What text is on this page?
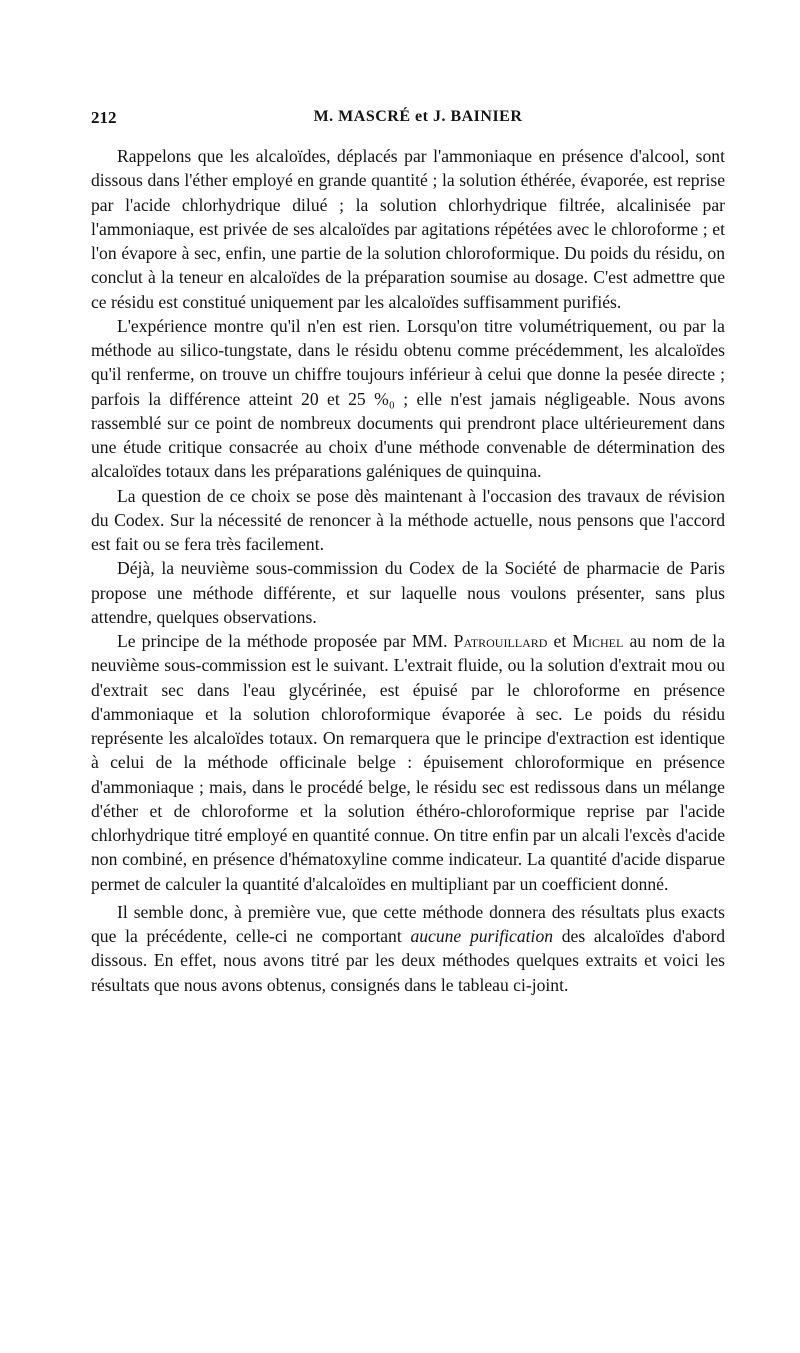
212	M. MASCRÉ et J. BAINIER

Rappelons que les alcaloïdes, déplacés par l'ammoniaque en présence d'alcool, sont dissous dans l'éther employé en grande quantité ; la solution éthérée, évaporée, est reprise par l'acide chlorhydrique dilué ; la solution chlorhydrique filtrée, alcalinisée par l'ammoniaque, est privée de ses alcaloïdes par agitations répétées avec le chloroforme ; et l'on évapore à sec, enfin, une partie de la solution chloroformique. Du poids du résidu, on conclut à la teneur en alcaloïdes de la préparation soumise au dosage. C'est admettre que ce résidu est constitué uniquement par les alcaloïdes suffisamment purifiés.

L'expérience montre qu'il n'en est rien. Lorsqu'on titre volumétriquement, ou par la méthode au silico-tungstate, dans le résidu obtenu comme précédemment, les alcaloïdes qu'il renferme, on trouve un chiffre toujours inférieur à celui que donne la pesée directe ; parfois la différence atteint 20 et 25 %₀ ; elle n'est jamais négligeable. Nous avons rassemblé sur ce point de nombreux documents qui prendront place ultérieurement dans une étude critique consacrée au choix d'une méthode convenable de détermination des alcaloïdes totaux dans les préparations galéniques de quinquina.

La question de ce choix se pose dès maintenant à l'occasion des travaux de révision du Codex. Sur la nécessité de renoncer à la méthode actuelle, nous pensons que l'accord est fait ou se fera très facilement.

Déjà, la neuvième sous-commission du Codex de la Société de pharmacie de Paris propose une méthode différente, et sur laquelle nous voulons présenter, sans plus attendre, quelques observations.

Le principe de la méthode proposée par MM. Patrouillard et Michel au nom de la neuvième sous-commission est le suivant. L'extrait fluide, ou la solution d'extrait mou ou d'extrait sec dans l'eau glycérinée, est épuisé par le chloroforme en présence d'ammoniaque et la solution chloroformique évaporée à sec. Le poids du résidu représente les alcaloïdes totaux. On remarquera que le principe d'extraction est identique à celui de la méthode officinale belge : épuisement chloroformique en présence d'ammoniaque ; mais, dans le procédé belge, le résidu sec est redissous dans un mélange d'éther et de chloroforme et la solution éthéro-chloroformique reprise par l'acide chlorhydrique titré employé en quantité connue. On titre enfin par un alcali l'excès d'acide non combiné, en présence d'hématoxyline comme indicateur. La quantité d'acide disparue permet de calculer la quantité d'alcaloïdes en multipliant par un coefficient donné.

Il semble donc, à première vue, que cette méthode donnera des résultats plus exacts que la précédente, celle-ci ne comportant aucune purification des alcaloïdes d'abord dissous. En effet, nous avons titré par les deux méthodes quelques extraits et voici les résultats que nous avons obtenus, consignés dans le tableau ci-joint.
